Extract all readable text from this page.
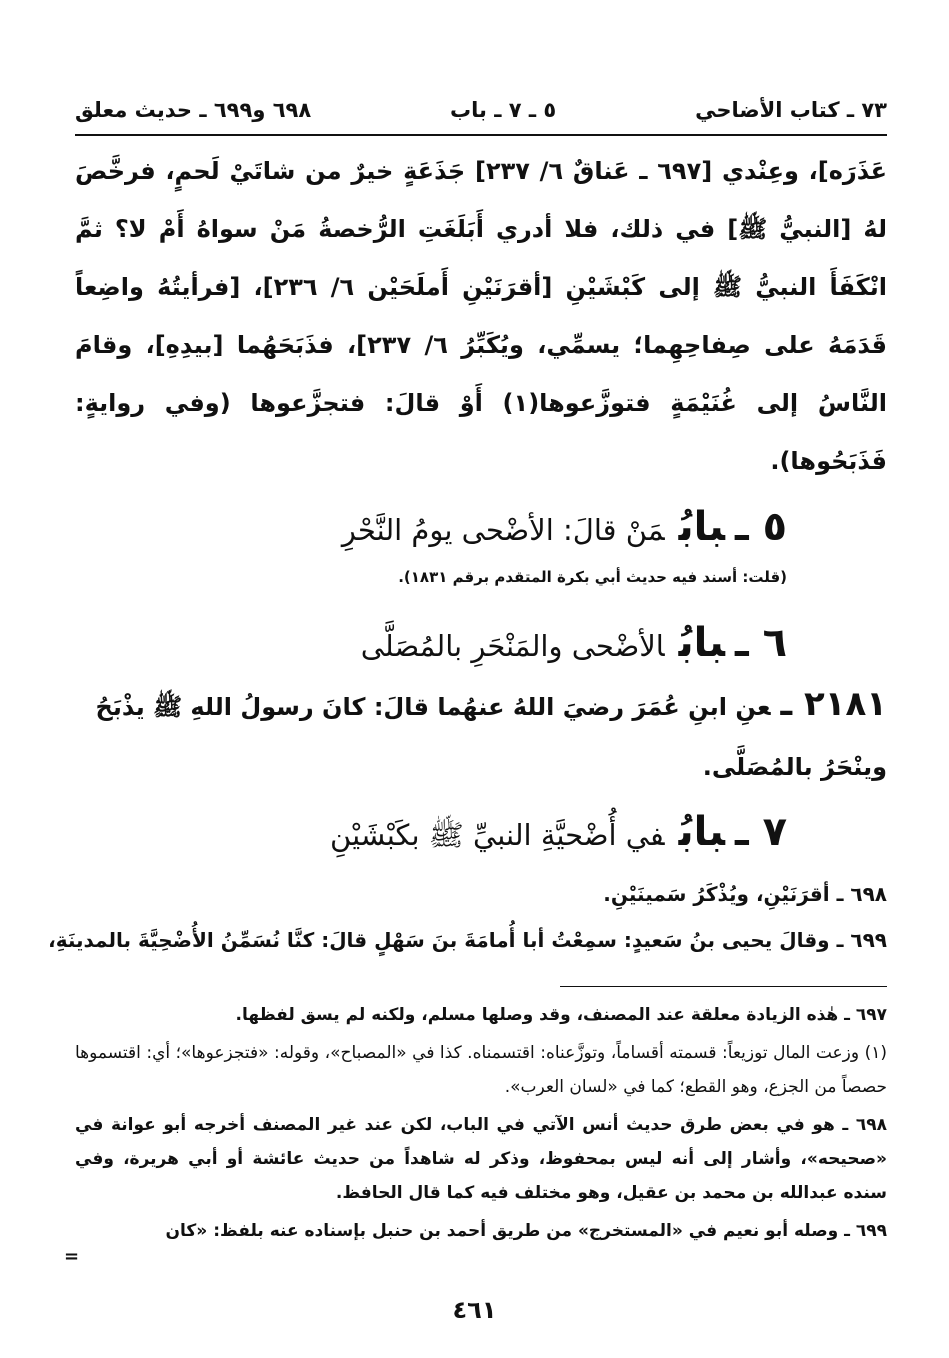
٧٣ ـ كتاب الأضاحي
٥ ـ ٧ ـ باب
٦٩٨ و٦٩٩ ـ حديث معلق

عَذَرَه]، وعِنْدي [٦٩٧ ـ عَناقٌ ٦/ ٢٣٧] جَذَعَةٍ خيرٌ من شاتَيْ لَحمٍ، فرخَّصَ لهُ [النبيُّ ﷺ] في ذلك، فلا أدري أَبَلَغَتِ الرُّخصةُ مَنْ سواهُ أَمْ لا؟ ثمَّ انْكَفَأَ النبيُّ ﷺ إلى كَبْشَيْنِ [أقرَنَيْنِ أَملَحَيْن ٦/ ٢٣٦]، [فرأيتُهُ واضِعاً قَدَمَهُ على صِفاحِهِما؛ يسمِّي، ويُكَبِّرُ ٦/ ٢٣٧]، فذَبَحَهُما [بيدِهِ]، وقامَ النَّاسُ إلى غُنَيْمَةٍ فتوزَّعوها(١) أَوْ قالَ: فتجزَّعوها (وفي روايةٍ: فَذَبَحُوها).

٥ ـبابُمَنْ قالَ: الأضْحى يومُ النَّحْرِ

(قلت: أسند فيه حديث أبي بكرة المتقدم برقم ١٨٣١).

٦ ـبابُالأضْحى والمَنْحَرِ بالمُصَلَّى

٢١٨١ ـعنِ ابنِ عُمَرَ رضيَ اللهُ عنهُما قالَ: كانَ رسولُ اللهِ ﷺ يذْبَحُ وينْحَرُ بالمُصَلَّى.

٧ ـبابُفي أُضْحيَّةِ النبيِّ ﷺ بكَبْشَيْنِ

٦٩٨ ـ أقرَنَيْنِ، ويُذْكَرُ سَمينَيْنِ.

٦٩٩ ـ وقالَ يحيى بنُ سَعيدٍ: سمِعْتُ أبا أُمامَةَ بنَ سَهْلٍ قالَ: كنَّا نُسَمِّنُ الأُضْحِيَّةَ بالمدينَةِ،

٦٩٧ ـ هٰذه الزيادة معلقة عند المصنف، وقد وصلها مسلم، ولكنه لم يسق لفظها.

(١) وزعت المال توزيعاً: قسمته أقساماً، وتوزَّعناه: اقتسمناه. كذا في «المصباح»، وقوله: «فتجزعوها»؛ أي: اقتسموها حصصاً من الجزع، وهو القطع؛ كما في «لسان العرب».

٦٩٨ ـ هو في بعض طرق حديث أنس الآتي في الباب، لكن عند غير المصنف أخرجه أبو عوانة في «صحيحه»، وأشار إلى أنه ليس بمحفوظ، وذكر له شاهداً من حديث عائشة أو أبي هريرة، وفي سنده عبدالله بن محمد بن عقيل، وهو مختلف فيه كما قال الحافظ.

٦٩٩ ـ وصله أبو نعيم في «المستخرج» من طريق أحمد بن حنبل بإسناده عنه بلفظ: «كان

=
٤٦١
